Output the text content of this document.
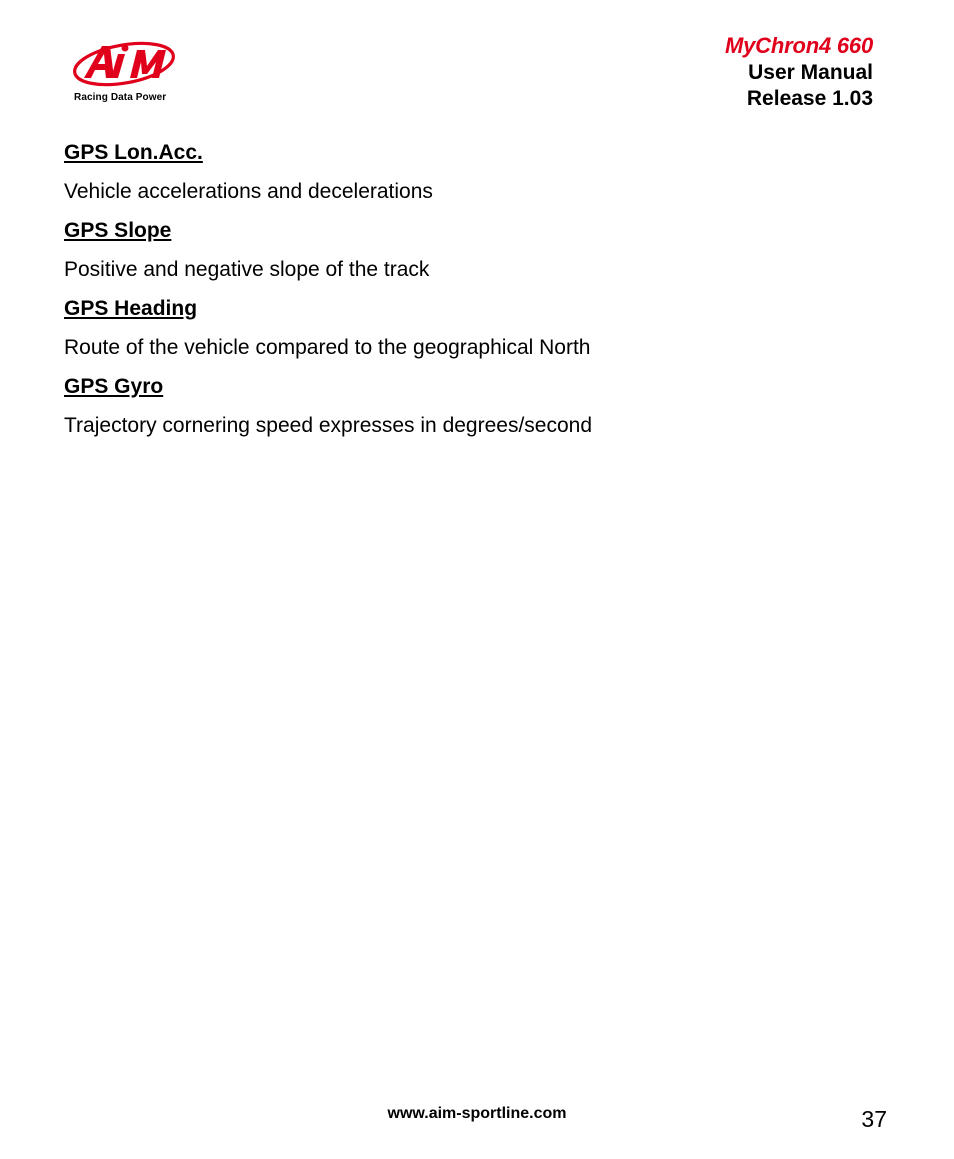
Racing Data Power
MyChron4 660
User Manual
Release 1.03
GPS Lon.Acc.

Vehicle accelerations and decelerations

GPS Slope

Positive and negative slope of the track

GPS Heading

Route of the vehicle compared to the geographical North

GPS Gyro

Trajectory cornering speed expresses in degrees/second

www.aim-sportline.com	37
